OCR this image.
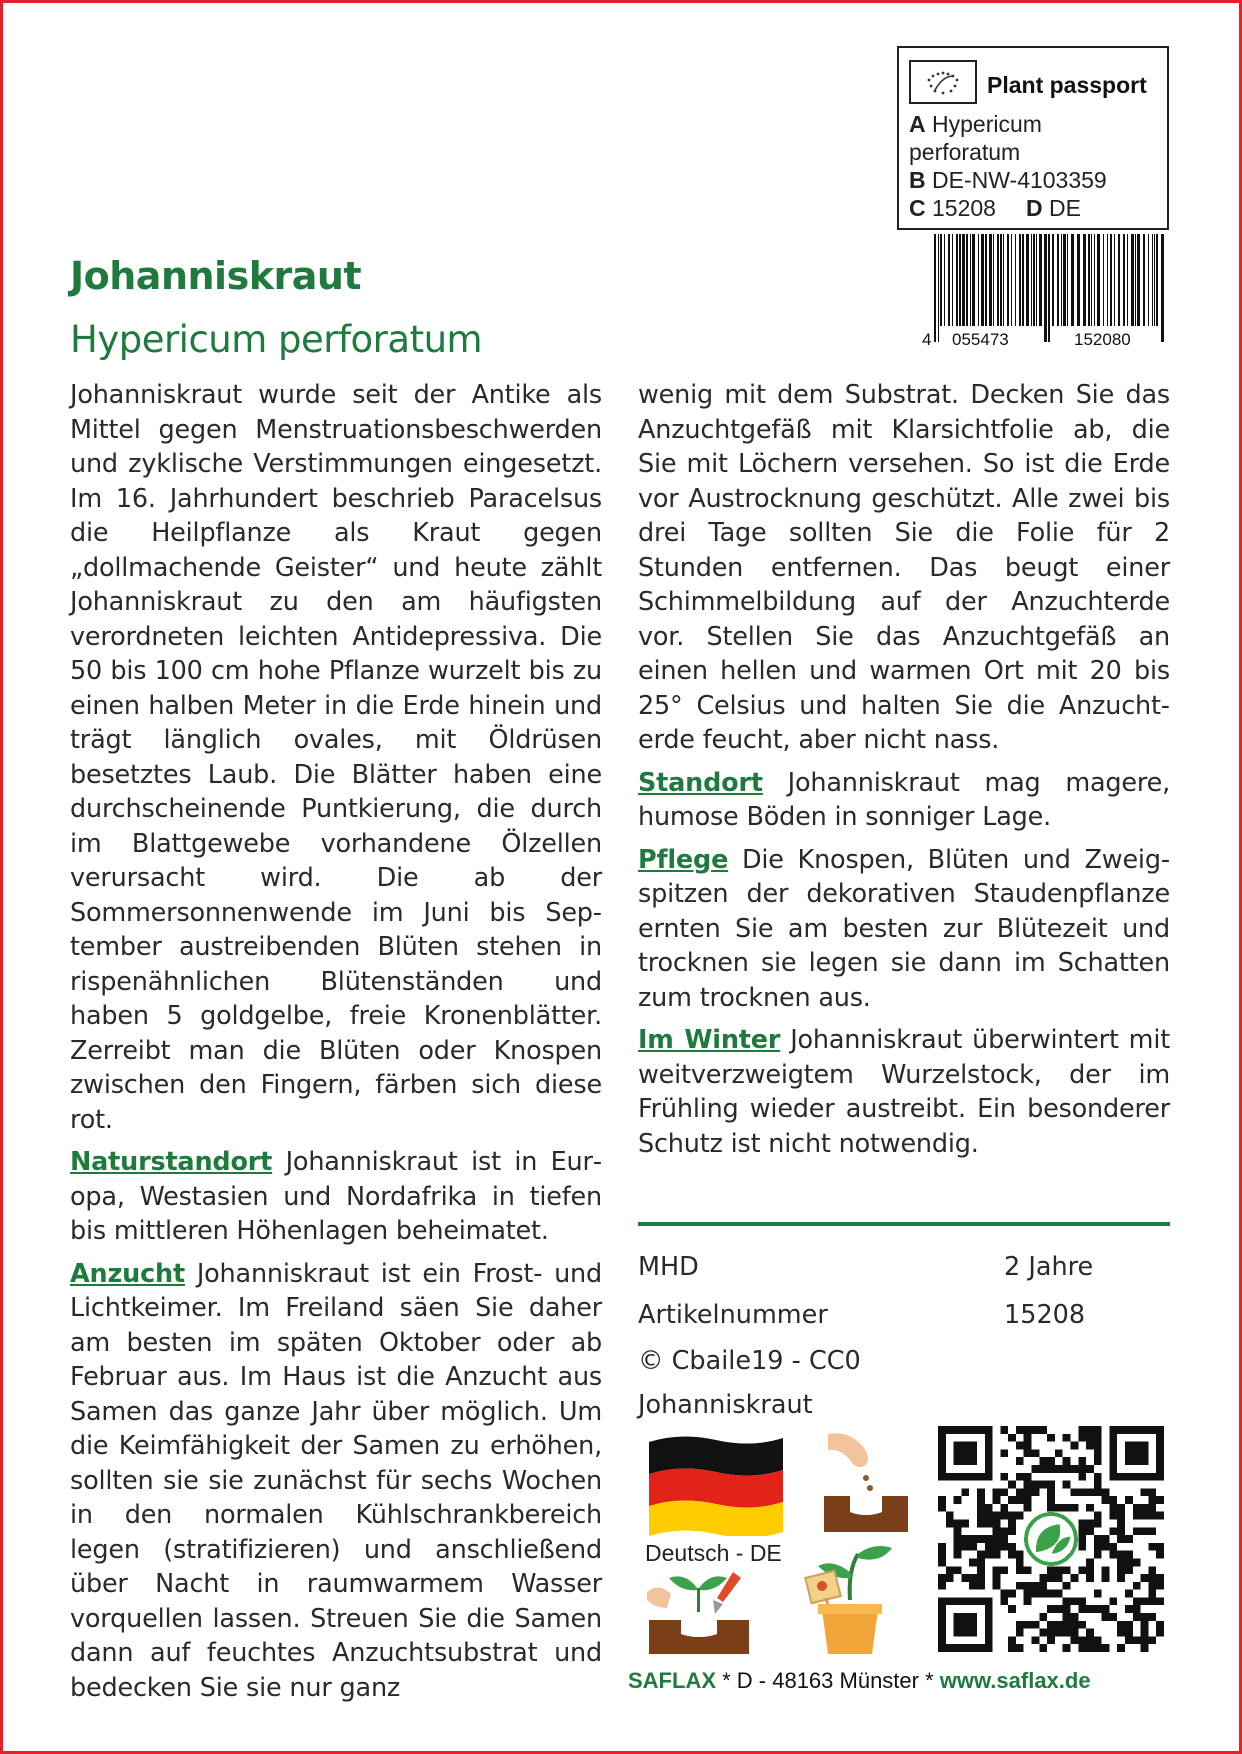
Plant passport
A Hypericum perforatum
B DE-NW-4103359
C 15208 D DE
4 055473	152080
Johanniskraut
Hypericum perforatum

Johanniskraut wurde seit der Antike als Mittel gegen Menstruationsbeschwerden und zyklische Verstimmungen eingesetzt. Im 16. Jahrhundert beschrieb Paracelsus die Heilpflanze als Kraut gegen „dollmachende Geister“ und heute zählt Johanniskraut zu den am häufigsten verordneten leichten Antidepressiva. Die 50 bis 100 cm hohe Pflanze wurzelt bis zu einen halben Meter in die Erde hinein und trägt länglich ovales, mit Öldrüsen besetztes Laub. Die Blätter haben eine durchscheinende Puntkierung, die durch im Blattgewebe vorhandene Ölzellen verursacht wird. Die ab der Sommersonnenwende im Juni bis September austreibenden Blüten stehen in rispenähnlichen Blütenständen und haben 5 goldgelbe, freie Kronenblätter. Zerreibt man die Blüten oder Knospen zwischen den Fingern, färben sich diese rot.

Naturstandort Johanniskraut ist in Europa, Westasien und Nordafrika in tiefen bis mittleren Höhenlagen beheimatet.

Anzucht Johanniskraut ist ein Frost- und Lichtkeimer. Im Freiland säen Sie daher am besten im späten Oktober oder ab Februar aus. Im Haus ist die Anzucht aus Samen das ganze Jahr über möglich. Um die Keimfähigkeit der Samen zu erhöhen, sollten sie sie zunächst für sechs Wochen in den normalen Kühlschrankbereich legen (stratifizieren) und anschließend über Nacht in raumwarmem Wasser vorquellen lassen. Streuen Sie die Samen dann auf feuchtes Anzuchtsubstrat und bedecken Sie sie nur ganz

wenig mit dem Substrat. Decken Sie das Anzuchtgefäß mit Klarsichtfolie ab, die Sie mit Löchern versehen. So ist die Erde vor Austrocknung geschützt. Alle zwei bis drei Tage sollten Sie die Folie für 2 Stunden entfernen. Das beugt einer Schimmelbildung auf der Anzuchterde vor. Stellen Sie das Anzuchtgefäß an einen hellen und warmen Ort mit 20 bis 25° Celsius und halten Sie die Anzuchterde feucht, aber nicht nass.

Standort Johanniskraut mag magere, humose Böden in sonniger Lage.

Pflege Die Knospen, Blüten und Zweigspitzen der dekorativen Staudenpflanze ernten Sie am besten zur Blütezeit und trocknen sie legen sie dann im Schatten zum trocknen aus.

Im Winter Johanniskraut überwintert mit weitverzweigtem Wurzelstock, der im Frühling wieder austreibt. Ein besonderer Schutz ist nicht notwendig.

MHD	2 Jahre
Artikelnummer	15208
© Cbaile19 - CC0
Johanniskraut
Deutsch - DE
SAFLAX * D - 48163 Münster * www.saflax.de
